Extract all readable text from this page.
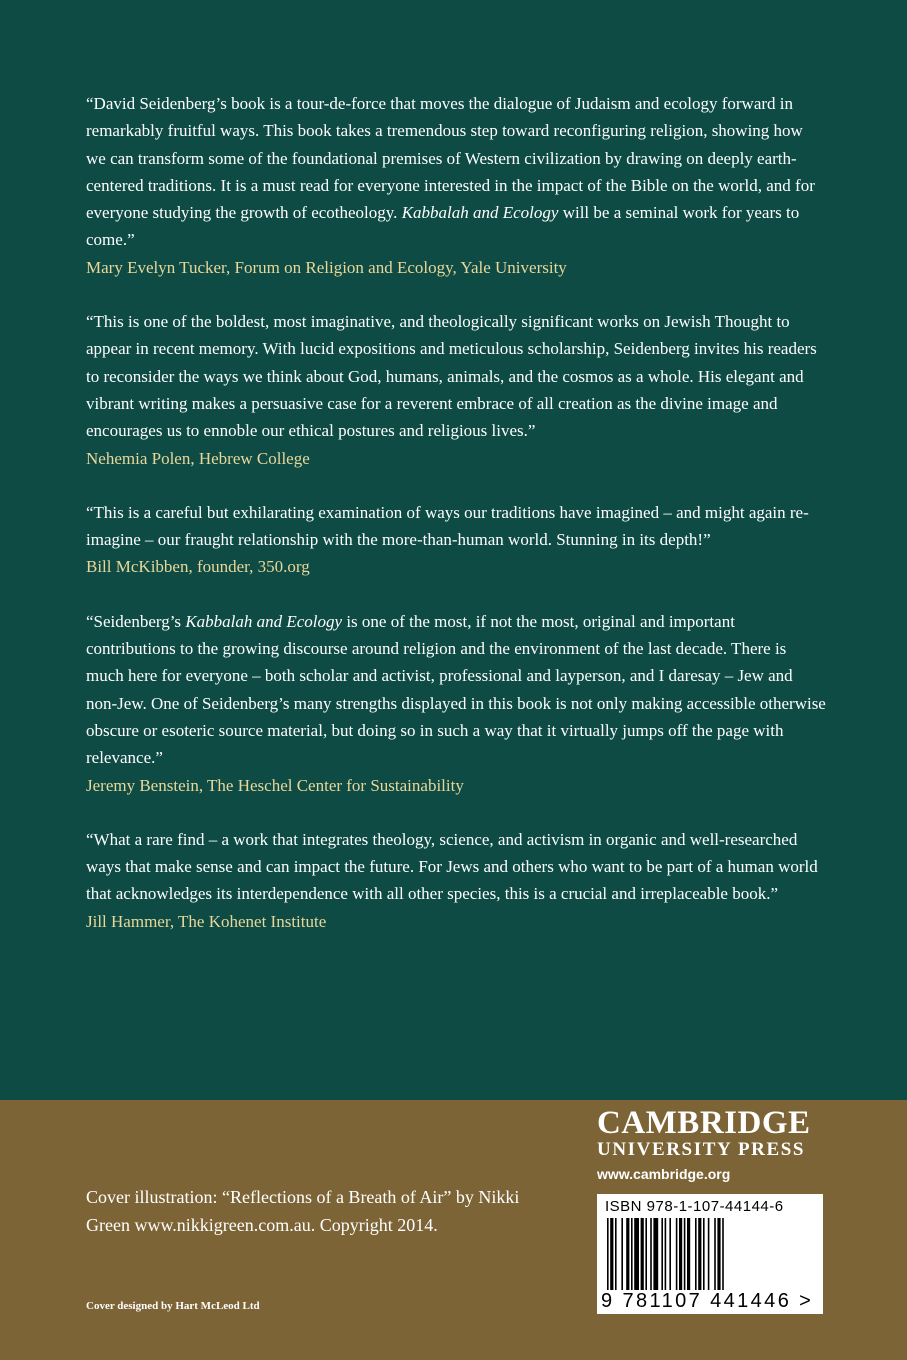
“David Seidenberg’s book is a tour-de-force that moves the dialogue of Judaism and ecology forward in remarkably fruitful ways. This book takes a tremendous step toward reconfiguring religion, showing how we can transform some of the foundational premises of Western civilization by drawing on deeply earth-centered traditions. It is a must read for everyone interested in the impact of the Bible on the world, and for everyone studying the growth of ecotheology. Kabbalah and Ecology will be a seminal work for years to come.”

Mary Evelyn Tucker, Forum on Religion and Ecology, Yale University

“This is one of the boldest, most imaginative, and theologically significant works on Jewish Thought to appear in recent memory. With lucid expositions and meticulous scholarship, Seidenberg invites his readers to reconsider the ways we think about God, humans, animals, and the cosmos as a whole. His elegant and vibrant writing makes a persuasive case for a reverent embrace of all creation as the divine image and encourages us to ennoble our ethical postures and religious lives.”

Nehemia Polen, Hebrew College

“This is a careful but exhilarating examination of ways our traditions have imagined – and might again re-imagine – our fraught relationship with the more-than-human world. Stunning in its depth!”

Bill McKibben, founder, 350.org

“Seidenberg’s Kabbalah and Ecology is one of the most, if not the most, original and important contributions to the growing discourse around religion and the environment of the last decade. There is much here for everyone – both scholar and activist, professional and layperson, and I daresay – Jew and non-Jew. One of Seidenberg’s many strengths displayed in this book is not only making accessible otherwise obscure or esoteric source material, but doing so in such a way that it virtually jumps off the page with relevance.”

Jeremy Benstein, The Heschel Center for Sustainability

“What a rare find – a work that integrates theology, science, and activism in organic and well-researched ways that make sense and can impact the future. For Jews and others who want to be part of a human world that acknowledges its interdependence with all other species, this is a crucial and irreplaceable book.”

Jill Hammer, The Kohenet Institute

Cover illustration: “Reflections of a Breath of Air” by Nikki Green www.nikkigreen.com.au. Copyright 2014.
Cover designed by Hart McLeod Ltd
CAMBRIDGE
UNIVERSITY PRESS
www.cambridge.org
ISBN 978-1-107-44144-6
9 781107 441446 >
